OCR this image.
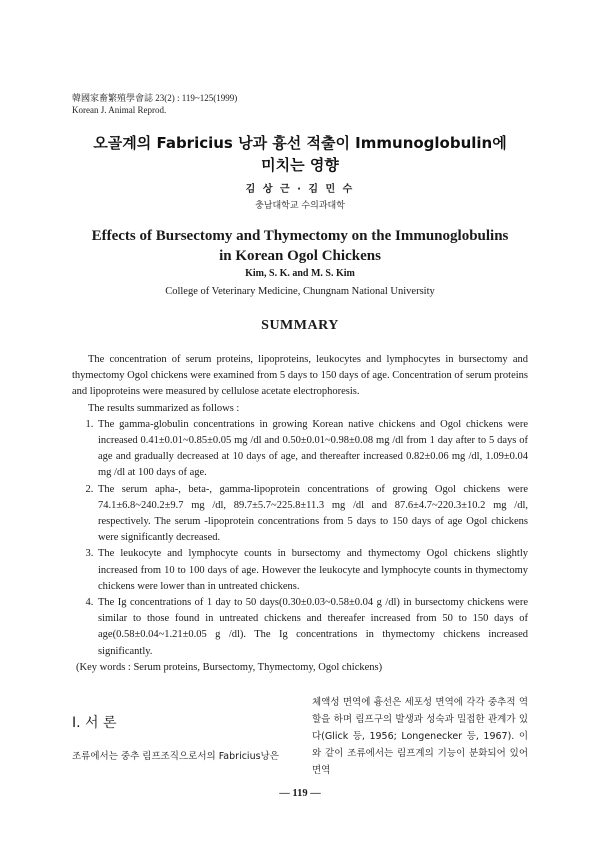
韓國家畜繁殖學會誌 23(2) : 119~125(1999)
Korean J. Animal Reprod.
오골계의 Fabricius 낭과 흉선 적출이 Immunoglobulin에
미치는 영향
김 상 근 · 김 민 수
충남대학교 수의과대학
Effects of Bursectomy and Thymectomy on the Immunoglobulins
in Korean Ogol Chickens
Kim, S. K. and M. S. Kim
College of Veterinary Medicine, Chungnam National University
SUMMARY

The concentration of serum proteins, lipoproteins, leukocytes and lymphocytes in bursectomy and thymectomy Ogol chickens were examined from 5 days to 150 days of age. Concentration of serum proteins and lipoproteins were measured by cellulose acetate electrophoresis.

The results summarized as follows :

1. The gamma-globulin concentrations in growing Korean native chickens and Ogol chickens were increased 0.41±0.01~0.85±0.05 mg /dl and 0.50±0.01~0.98±0.08 mg /dl from 1 day after to 5 days of age and gradually decreased at 10 days of age, and thereafter increased 0.82±0.06 mg /dl, 1.09±0.04 mg /dl at 100 days of age.
2. The serum apha-, beta-, gamma-lipoprotein concentrations of growing Ogol chickens were 74.1±6.8~240.2±9.7 mg /dl, 89.7±5.7~225.8±11.3 mg /dl and 87.6±4.7~220.3±10.2 mg /dl, respectively. The serum -lipoprotein concentrations from 5 days to 150 days of age Ogol chickens were significantly decreased.
3. The leukocyte and lymphocyte counts in bursectomy and thymectomy Ogol chickens slightly increased from 10 to 100 days of age. However the leukocyte and lymphocyte counts in thymectomy chickens were lower than in untreated chickens.
4. The Ig concentrations of 1 day to 50 days(0.30±0.03~0.58±0.04 g /dl) in bursectomy chickens were similar to those found in untreated chickens and thereafer increased from 50 to 150 days of age(0.58±0.04~1.21±0.05 g /dl). The Ig concentrations in thymectomy chickens increased significantly.

(Key words : Serum proteins, Bursectomy, Thymectomy, Ogol chickens)

Ⅰ. 서 론

조류에서는 중추 림프조직으로서의 Fabricius낭은

체액성 면역에 흉선은 세포성 면역에 각각 중추적 역할을 하며 림프구의 발생과 성숙과 밀접한 관계가 있다(Glick 등, 1956; Longenecker 등, 1967). 이와 같이 조류에서는 림프계의 기능이 분화되어 있어 면역

— 119 —
